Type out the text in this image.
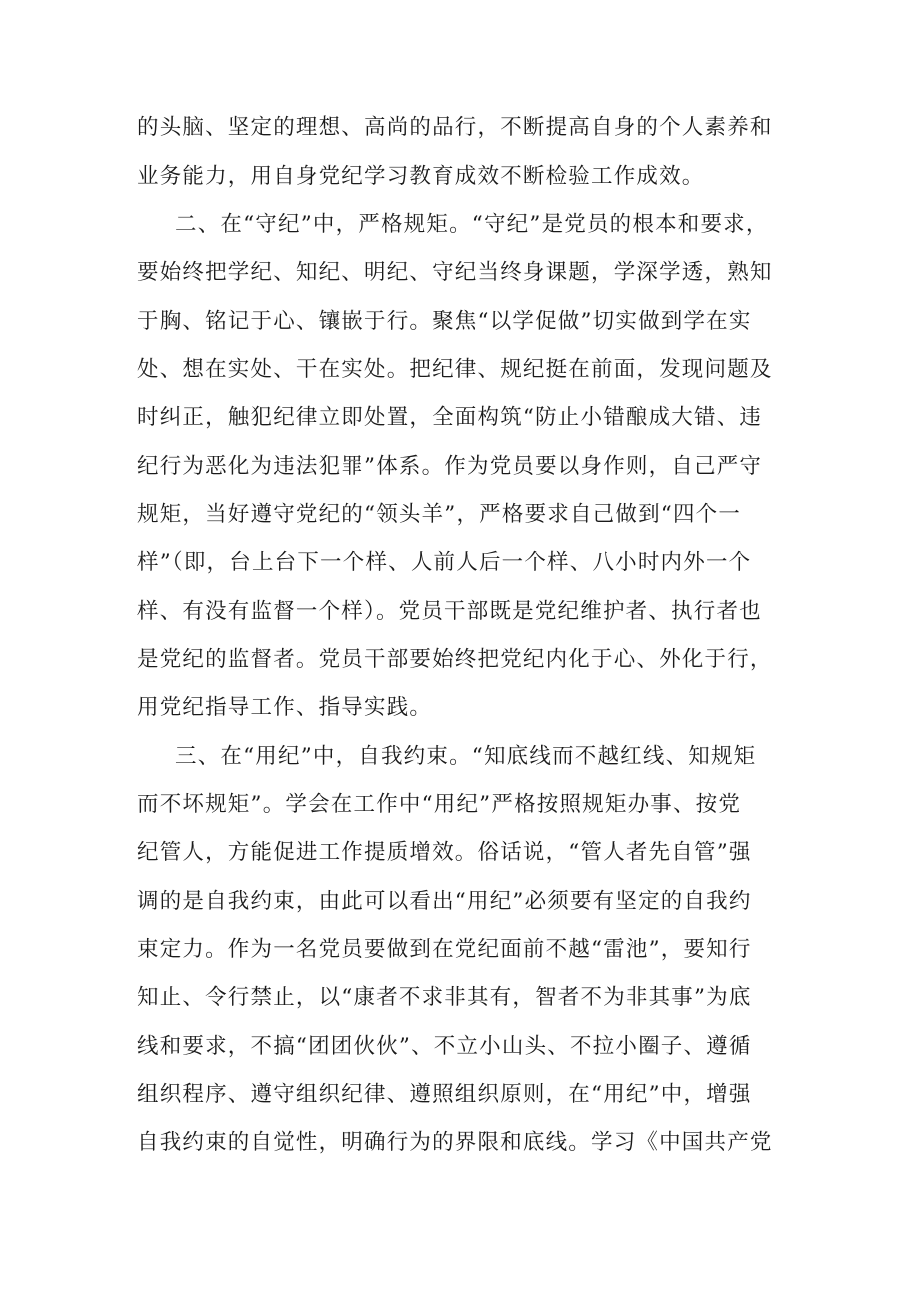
的头脑、坚定的理想、高尚的品行，不断提高自身的个人素养和

业务能力，用自身党纪学习教育成效不断检验工作成效。

二、在“守纪”中，严格规矩。“守纪”是党员的根本和要求，

要始终把学纪、知纪、明纪、守纪当终身课题，学深学透，熟知

于胸、铭记于心、镶嵌于行。聚焦“以学促做”切实做到学在实

处、想在实处、干在实处。把纪律、规纪挺在前面，发现问题及

时纠正，触犯纪律立即处置，全面构筑“防止小错酿成大错、违

纪行为恶化为违法犯罪”体系。作为党员要以身作则，自己严守

规矩，当好遵守党纪的“领头羊”，严格要求自己做到“四个一

样”（即，台上台下一个样、人前人后一个样、八小时内外一个

样、有没有监督一个样）。党员干部既是党纪维护者、执行者也

是党纪的监督者。党员干部要始终把党纪内化于心、外化于行，

用党纪指导工作、指导实践。

三、在“用纪”中，自我约束。“知底线而不越红线、知规矩

而不坏规矩”。学会在工作中“用纪”严格按照规矩办事、按党

纪管人，方能促进工作提质增效。俗话说，“管人者先自管”强

调的是自我约束，由此可以看出“用纪”必须要有坚定的自我约

束定力。作为一名党员要做到在党纪面前不越“雷池”，要知行

知止、令行禁止，以“康者不求非其有，智者不为非其事”为底

线和要求，不搞“团团伙伙”、不立小山头、不拉小圈子、遵循

组织程序、遵守组织纪律、遵照组织原则，在“用纪”中，增强

自我约束的自觉性，明确行为的界限和底线。学习《中国共产党
